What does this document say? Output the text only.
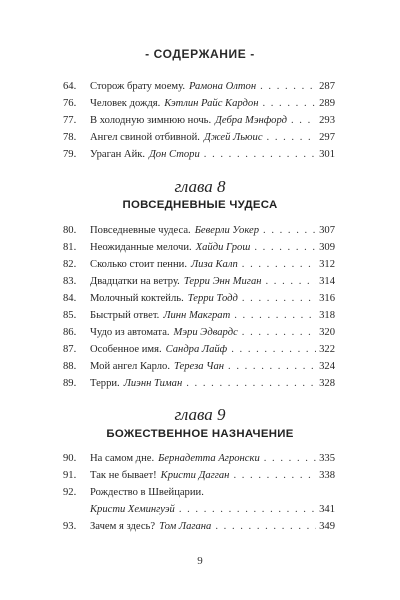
- СОДЕРЖАНИЕ -
64.	Сторож брату моему. Рамона Олтон . . .	287
76.	Человек дождя. Кэтлин Райс Кардон . . .	289
77.	В холодную зимнюю ночь. Дебра Мэнфорд . . .	293
78.	Ангел свиной отбивной. Джей Льюис . . .	297
79.	Ураган Айк. Дон Стори . . .	301
глава 8
ПОВСЕДНЕВНЫЕ ЧУДЕСА
80.	Повседневные чудеса. Беверли Уокер . . .	307
81.	Неожиданные мелочи. Хайди Грош . . .	309
82.	Сколько стоит пенни. Лиза Калп . . .	312
83.	Двадцатки на ветру. Терри Энн Миган . . .	314
84.	Молочный коктейль. Терри Тодд . . .	316
85.	Быстрый ответ. Линн Макграт . . .	318
86.	Чудо из автомата. Мэри Эдвардс . . .	320
87.	Особенное имя. Сандра Лайф . . .	322
88.	Мой ангел Карло. Тереза Чан . . .	324
89.	Терри. Лиэнн Тиман . . .	328
глава 9
БОЖЕСТВЕННОЕ НАЗНАЧЕНИЕ
90.	На самом дне. Бернадетта Агронски . . .	335
91.	Так не бывает! Кристи Дагган . . .	338
92.	Рождество в Швейцарии.
Кристи Хемингуэй . . .	341
93.	Зачем я здесь? Том Лагана . . .	349
9
